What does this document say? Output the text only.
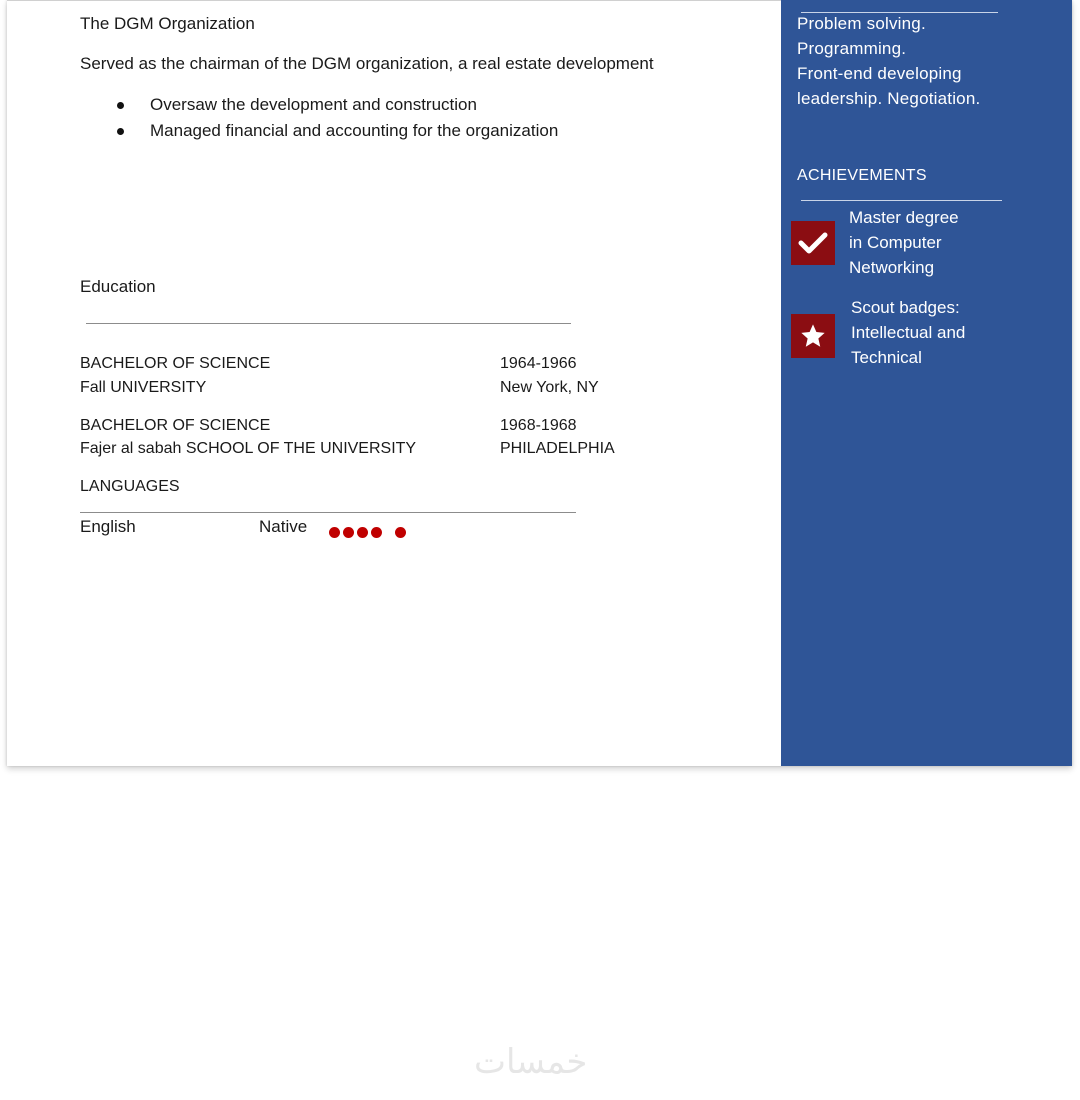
The DGM Organization
Served as the chairman of the DGM organization, a real estate development
Oversaw the development and construction
Managed financial and accounting for the organization
Education
BACHELOR OF SCIENCE
Fall UNIVERSITY
1964-1966
New York, NY
BACHELOR OF SCIENCE
Fajer al sabah SCHOOL OF THE UNIVERSITY
1968-1968
PHILADELPHIA
LANGUAGES
English	Native
Problem solving.
Programming.
Front-end developing
leadership. Negotiation.
ACHIEVEMENTS
Master degree
in Computer
Networking
Scout badges:
Intellectual and
Technical
خمسات
